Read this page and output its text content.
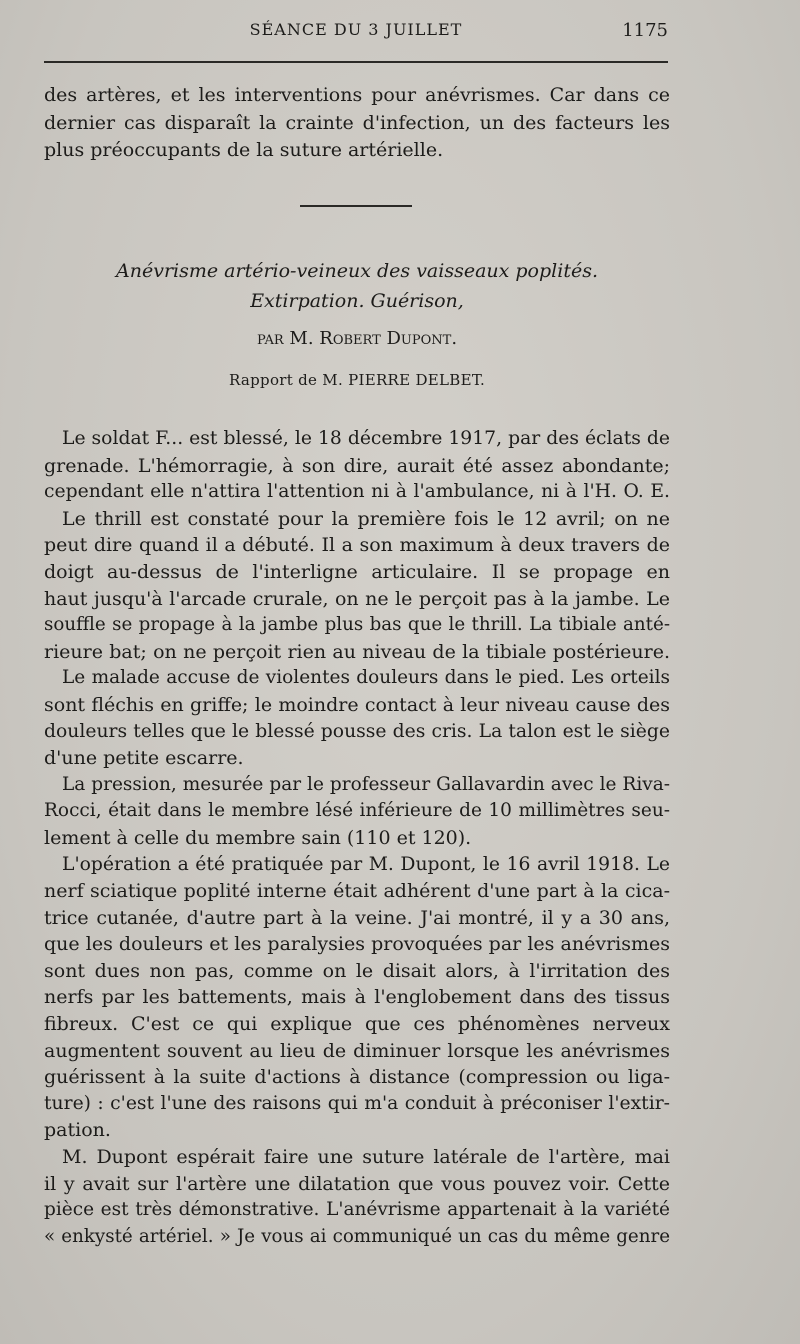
SÉANCE DU 3 JUILLET	1175
des artères, et les interventions pour anévrismes. Car dans ce
dernier cas disparaît la crainte d'infection, un des facteurs les
plus préoccupants de la suture artérielle.
Anévrisme artério-veineux des vaisseaux poplités.
Extirpation. Guérison,
par M. Robert Dupont.
Rapport de M. PIERRE DELBET.
Le soldat F... est blessé, le 18 décembre 1917, par des éclats de
grenade. L'hémorragie, à son dire, aurait été assez abondante;
cependant elle n'attira l'attention ni à l'ambulance, ni à l'H. O. E.
Le thrill est constaté pour la première fois le 12 avril; on ne
peut dire quand il a débuté. Il a son maximum à deux travers de
doigt au-dessus de l'interligne articulaire. Il se propage en
haut jusqu'à l'arcade crurale, on ne le perçoit pas à la jambe. Le
souffle se propage à la jambe plus bas que le thrill. La tibiale anté-
rieure bat; on ne perçoit rien au niveau de la tibiale postérieure.
Le malade accuse de violentes douleurs dans le pied. Les orteils
sont fléchis en griffe; le moindre contact à leur niveau cause des
douleurs telles que le blessé pousse des cris. La talon est le siège
d'une petite escarre.
La pression, mesurée par le professeur Gallavardin avec le Riva-
Rocci, était dans le membre lésé inférieure de 10 millimètres seu-
lement à celle du membre sain (110 et 120).
L'opération a été pratiquée par M. Dupont, le 16 avril 1918. Le
nerf sciatique poplité interne était adhérent d'une part à la cica-
trice cutanée, d'autre part à la veine. J'ai montré, il y a 30 ans,
que les douleurs et les paralysies provoquées par les anévrismes
sont dues non pas, comme on le disait alors, à l'irritation des
nerfs par les battements, mais à l'englobement dans des tissus
fibreux. C'est ce qui explique que ces phénomènes nerveux
augmentent souvent au lieu de diminuer lorsque les anévrismes
guérissent à la suite d'actions à distance (compression ou liga-
ture) : c'est l'une des raisons qui m'a conduit à préconiser l'extir-
pation.
M. Dupont espérait faire une suture latérale de l'artère, mai
il y avait sur l'artère une dilatation que vous pouvez voir. Cette
pièce est très démonstrative. L'anévrisme appartenait à la variété
« enkysté artériel. » Je vous ai communiqué un cas du même genre
